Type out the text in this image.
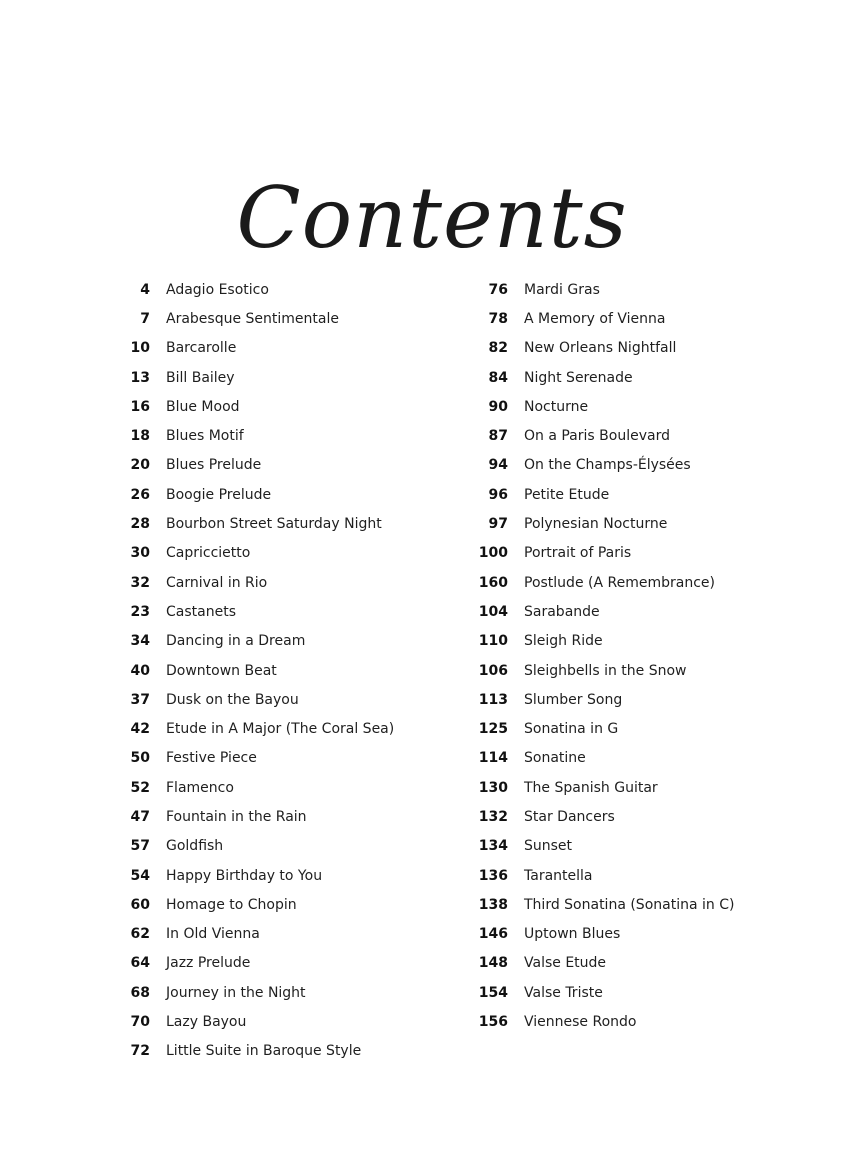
Contents
4 Adagio Esotico
7 Arabesque Sentimentale
10 Barcarolle
13 Bill Bailey
16 Blue Mood
18 Blues Motif
20 Blues Prelude
26 Boogie Prelude
28 Bourbon Street Saturday Night
30 Capriccietto
32 Carnival in Rio
23 Castanets
34 Dancing in a Dream
40 Downtown Beat
37 Dusk on the Bayou
42 Etude in A Major (The Coral Sea)
50 Festive Piece
52 Flamenco
47 Fountain in the Rain
57 Goldfish
54 Happy Birthday to You
60 Homage to Chopin
62 In Old Vienna
64 Jazz Prelude
68 Journey in the Night
70 Lazy Bayou
72 Little Suite in Baroque Style
76 Mardi Gras
78 A Memory of Vienna
82 New Orleans Nightfall
84 Night Serenade
90 Nocturne
87 On a Paris Boulevard
94 On the Champs-Élysées
96 Petite Etude
97 Polynesian Nocturne
100 Portrait of Paris
160 Postlude (A Remembrance)
104 Sarabande
110 Sleigh Ride
106 Sleighbells in the Snow
113 Slumber Song
125 Sonatina in G
114 Sonatine
130 The Spanish Guitar
132 Star Dancers
134 Sunset
136 Tarantella
138 Third Sonatina (Sonatina in C)
146 Uptown Blues
148 Valse Etude
154 Valse Triste
156 Viennese Rondo
